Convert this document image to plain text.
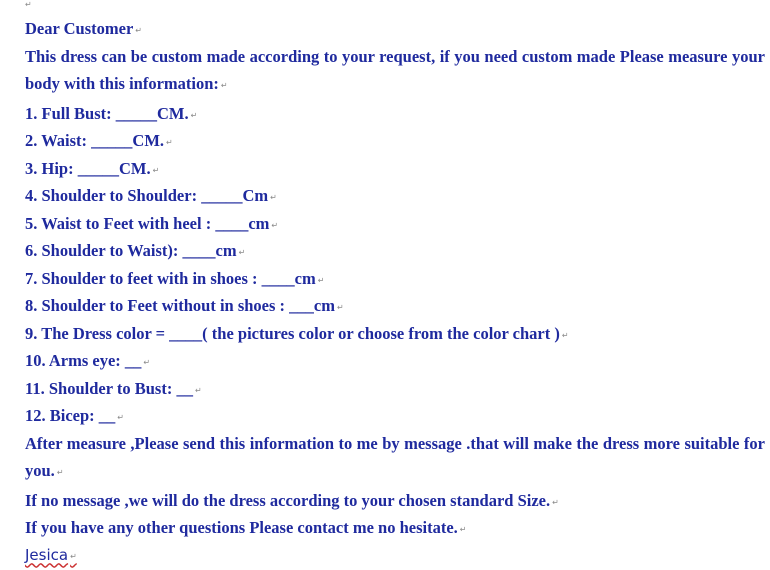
↵
Dear Customer ↵
This dress can be custom made according to your request, if you need custom made Please measure your body with this information: ↵
1. Full Bust: _____CM. ↵
2. Waist: _____CM. ↵
3. Hip: _____CM. ↵
4. Shoulder to Shoulder: _____Cm ↵
5. Waist to Feet with heel : ____cm ↵
6. Shoulder to Waist): ____cm ↵
7. Shoulder to feet with in shoes : ____cm ↵
8. Shoulder to Feet without in shoes : ___cm ↵
9. The Dress color = ____( the pictures color or choose from the color chart ) ↵
10. Arms eye: __ ↵
11. Shoulder to Bust: __ ↵
12. Bicep: __ ↵
After measure ,Please send this information to me by message .that will make the dress more suitable for you. ↵
If no message ,we will do the dress according to your chosen standard Size. ↵
If you have any other questions Please contact me no hesitate. ↵
Jesica ↵
